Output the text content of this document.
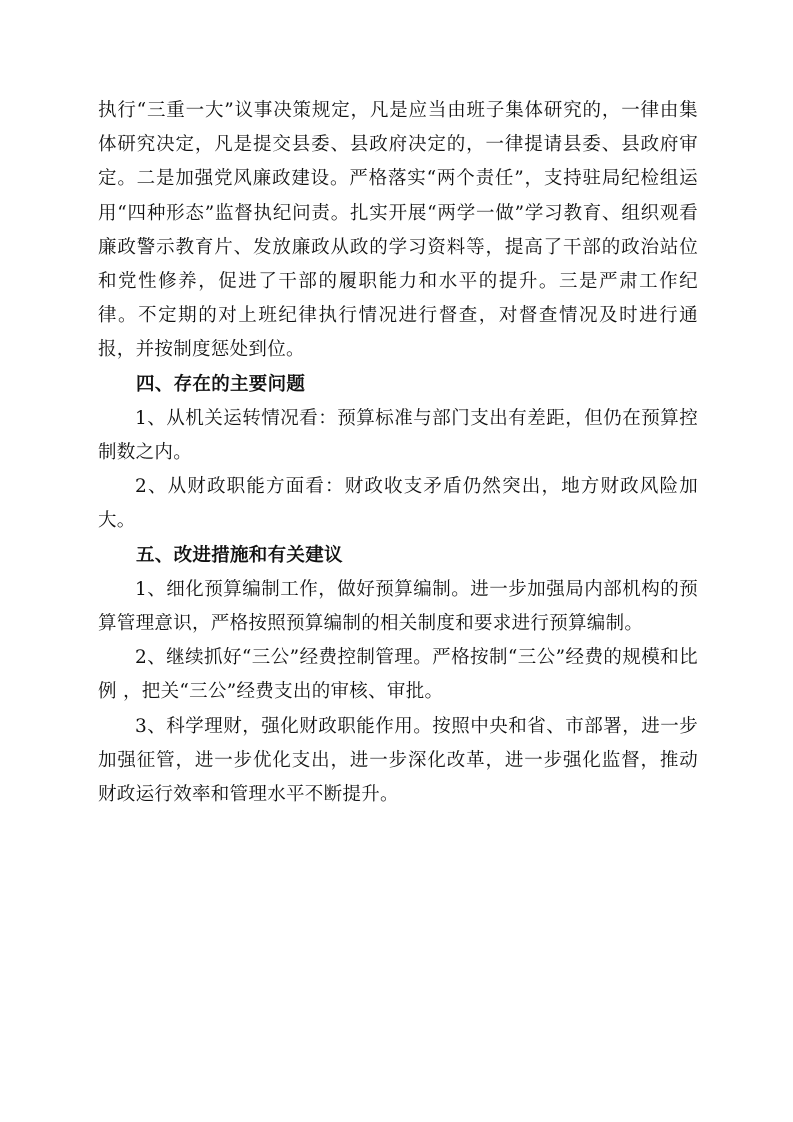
执行“三重一大”议事决策规定，凡是应当由班子集体研究的，一律由集体研究决定，凡是提交县委、县政府决定的，一律提请县委、县政府审定。二是加强党风廉政建设。严格落实“两个责任”，支持驻局纪检组运用“四种形态”监督执纪问责。扎实开展“两学一做”学习教育、组织观看廉政警示教育片、发放廉政从政的学习资料等，提高了干部的政治站位和党性修养，促进了干部的履职能力和水平的提升。三是严肃工作纪律。不定期的对上班纪律执行情况进行督查，对督查情况及时进行通报，并按制度惩处到位。

四、存在的主要问题

1、从机关运转情况看：预算标准与部门支出有差距，但仍在预算控制数之内。

2、从财政职能方面看：财政收支矛盾仍然突出，地方财政风险加大。

五、改进措施和有关建议

1、细化预算编制工作，做好预算编制。进一步加强局内部机构的预算管理意识，严格按照预算编制的相关制度和要求进行预算编制。

2、继续抓好“三公”经费控制管理。严格按制“三公”经费的规模和比例 ，把关“三公”经费支出的审核、审批。

3、科学理财，强化财政职能作用。按照中央和省、市部署，进一步加强征管，进一步优化支出，进一步深化改革，进一步强化监督，推动财政运行效率和管理水平不断提升。
